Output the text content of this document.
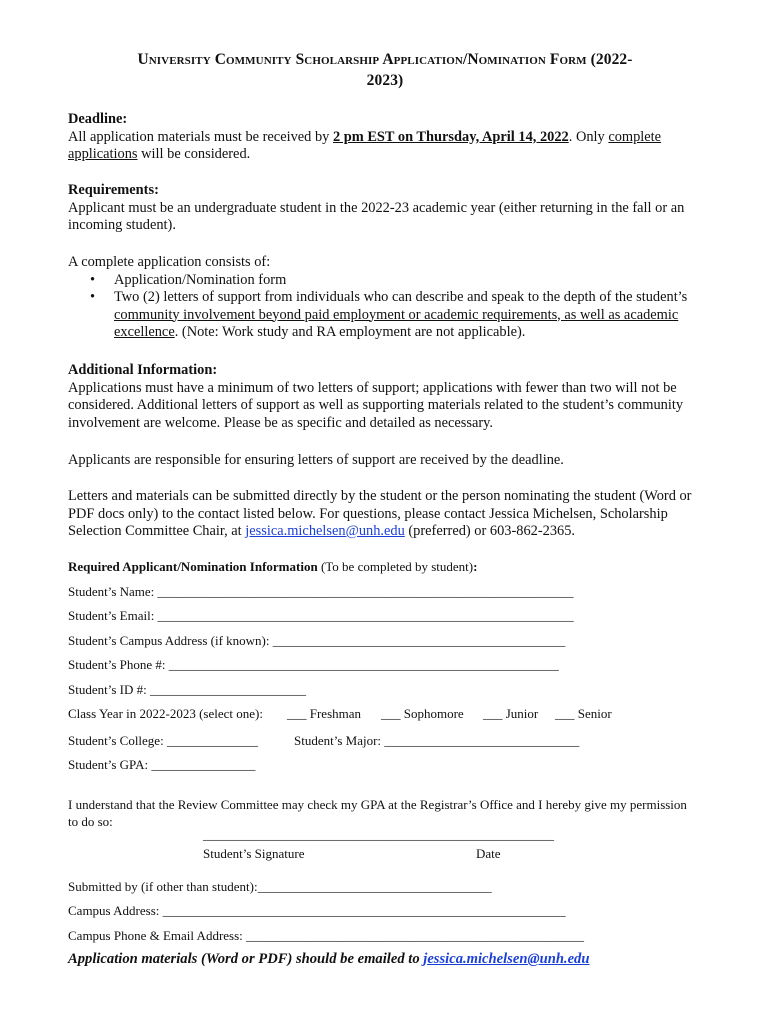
University Community Scholarship Application/Nomination Form (2022-
2023)
Deadline:
All application materials must be received by 2 pm EST on Thursday, April 14, 2022. Only complete applications will be considered.
Requirements:
Applicant must be an undergraduate student in the 2022-23 academic year (either returning in the fall or an incoming student).
A complete application consists of:
• Application/Nomination form
• Two (2) letters of support from individuals who can describe and speak to the depth of the student’s community involvement beyond paid employment or academic requirements, as well as academic excellence. (Note: Work study and RA employment are not applicable).
Additional Information:
Applications must have a minimum of two letters of support; applications with fewer than two will not be considered. Additional letters of support as well as supporting materials related to the student’s community involvement are welcome. Please be as specific and detailed as necessary.
Applicants are responsible for ensuring letters of support are received by the deadline.
Letters and materials can be submitted directly by the student or the person nominating the student (Word or PDF docs only) to the contact listed below. For questions, please contact Jessica Michelsen, Scholarship Selection Committee Chair, at jessica.michelsen@unh.edu (preferred) or 603-862-2365.
Required Applicant/Nomination Information (To be completed by student):
Student’s Name: ________________________________________________________________
Student’s Email: ________________________________________________________________
Student’s Campus Address (if known): _____________________________________________
Student’s Phone #: ____________________________________________________________
Student’s ID #: ________________________
Class Year in 2022-2023 (select one): ___ Freshman ___ Sophomore ___ Junior ___ Senior
Student’s College: ______________	Student’s Major: ______________________________
Student’s GPA: ________________
I understand that the Review Committee may check my GPA at the Registrar’s Office and I hereby give my permission to do so:
______________________________________________________
Student’s Signature	Date
Submitted by (if other than student):____________________________________
Campus Address: ______________________________________________________________
Campus Phone & Email Address: ____________________________________________________
Application materials (Word or PDF) should be emailed to jessica.michelsen@unh.edu
